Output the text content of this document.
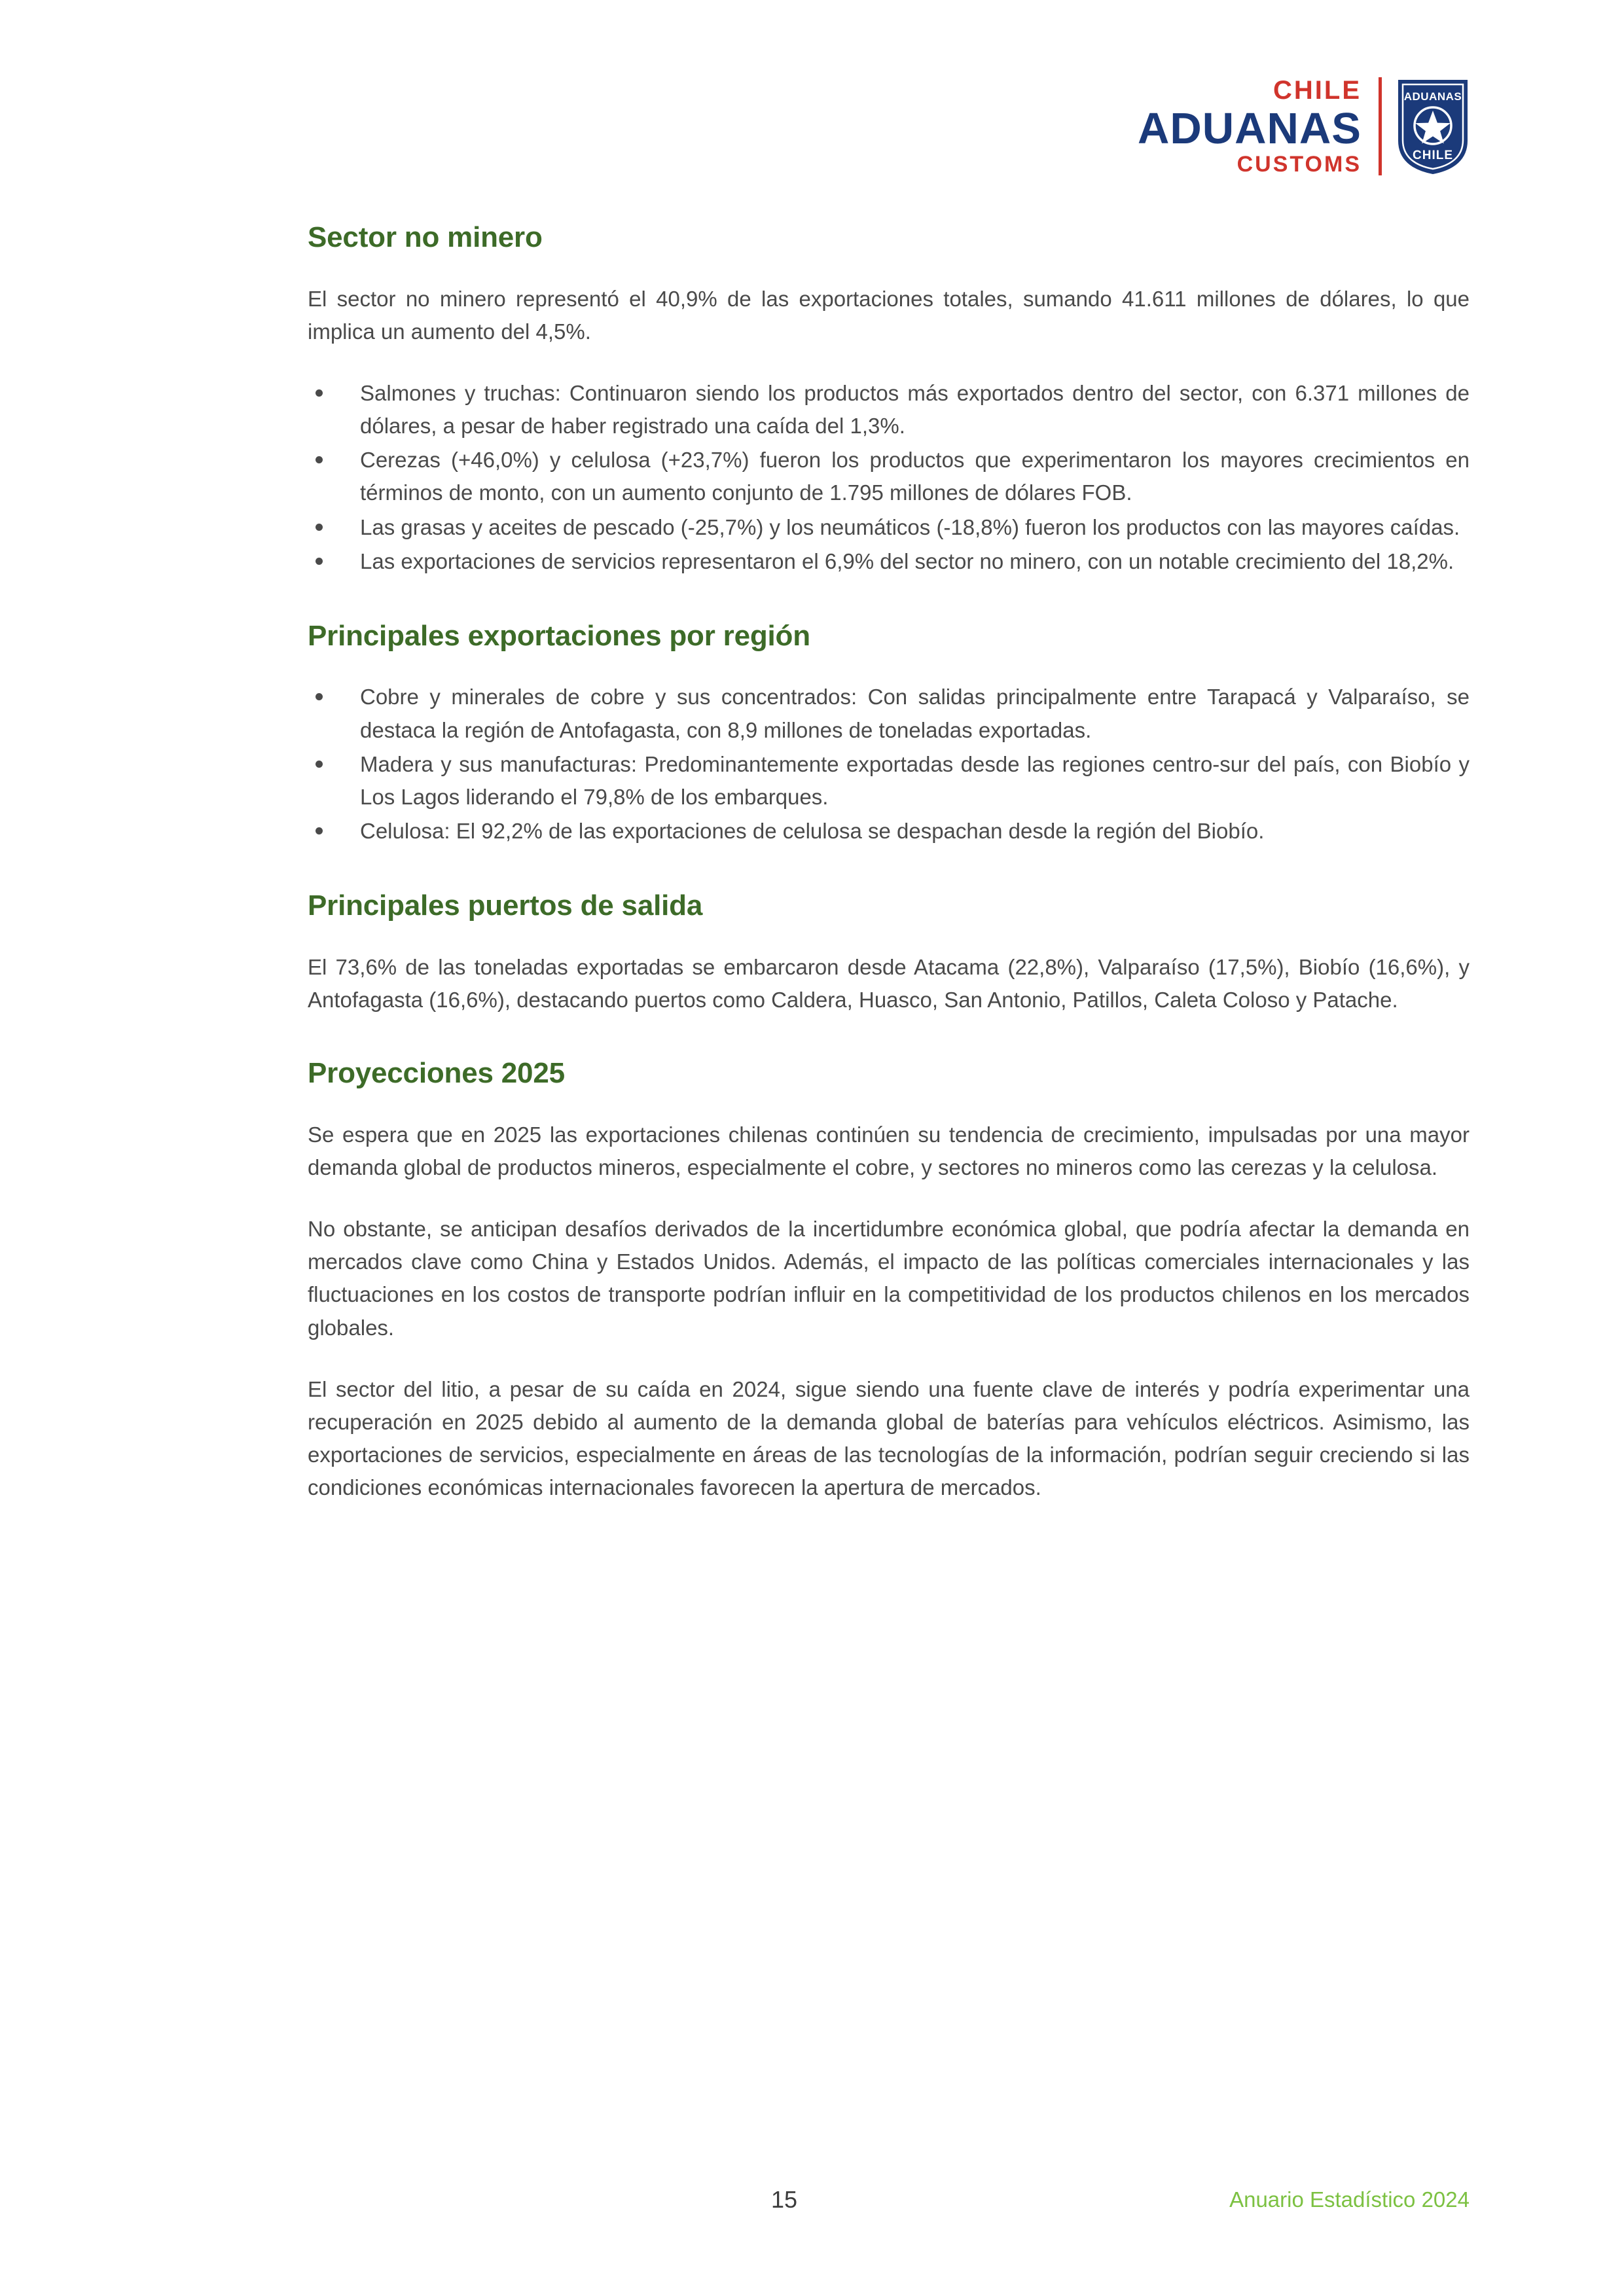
CHILE
ADUANAS
CUSTOMS
ADUANAS
CHILE
Sector no minero

El sector no minero representó el 40,9% de las exportaciones totales, sumando 41.611 millones de dólares, lo que implica un aumento del 4,5%.

Salmones y truchas: Continuaron siendo los productos más exportados dentro del sector, con 6.371 millones de dólares, a pesar de haber registrado una caída del 1,3%.
Cerezas (+46,0%) y celulosa (+23,7%) fueron los productos que experimentaron los mayores crecimientos en términos de monto, con un aumento conjunto de 1.795 millones de dólares FOB.
Las grasas y aceites de pescado (-25,7%) y los neumáticos (-18,8%) fueron los productos con las mayores caídas.
Las exportaciones de servicios representaron el 6,9% del sector no minero, con un notable crecimiento del 18,2%.
Principales exportaciones por región
Cobre y minerales de cobre y sus concentrados: Con salidas principalmente entre Tarapacá y Valparaíso, se destaca la región de Antofagasta, con 8,9 millones de toneladas exportadas.
Madera y sus manufacturas: Predominantemente exportadas desde las regiones centro-sur del país, con Biobío y Los Lagos liderando el 79,8% de los embarques.
Celulosa: El 92,2% de las exportaciones de celulosa se despachan desde la región del Biobío.
Principales puertos de salida

El 73,6% de las toneladas exportadas se embarcaron desde Atacama (22,8%), Valparaíso (17,5%), Biobío (16,6%), y Antofagasta (16,6%), destacando puertos como Caldera, Huasco, San Antonio, Patillos, Caleta Coloso y Patache.

Proyecciones 2025

Se espera que en 2025 las exportaciones chilenas continúen su tendencia de crecimiento, impulsadas por una mayor demanda global de productos mineros, especialmente el cobre, y sectores no mineros como las cerezas y la celulosa.

No obstante, se anticipan desafíos derivados de la incertidumbre económica global, que podría afectar la demanda en mercados clave como China y Estados Unidos. Además, el impacto de las políticas comerciales internacionales y las fluctuaciones en los costos de transporte podrían influir en la competitividad de los productos chilenos en los mercados globales.

El sector del litio, a pesar de su caída en 2024, sigue siendo una fuente clave de interés y podría experimentar una recuperación en 2025 debido al aumento de la demanda global de baterías para vehículos eléctricos. Asimismo, las exportaciones de servicios, especialmente en áreas de las tecnologías de la información, podrían seguir creciendo si las condiciones económicas internacionales favorecen la apertura de mercados.

15	Anuario Estadístico 2024
